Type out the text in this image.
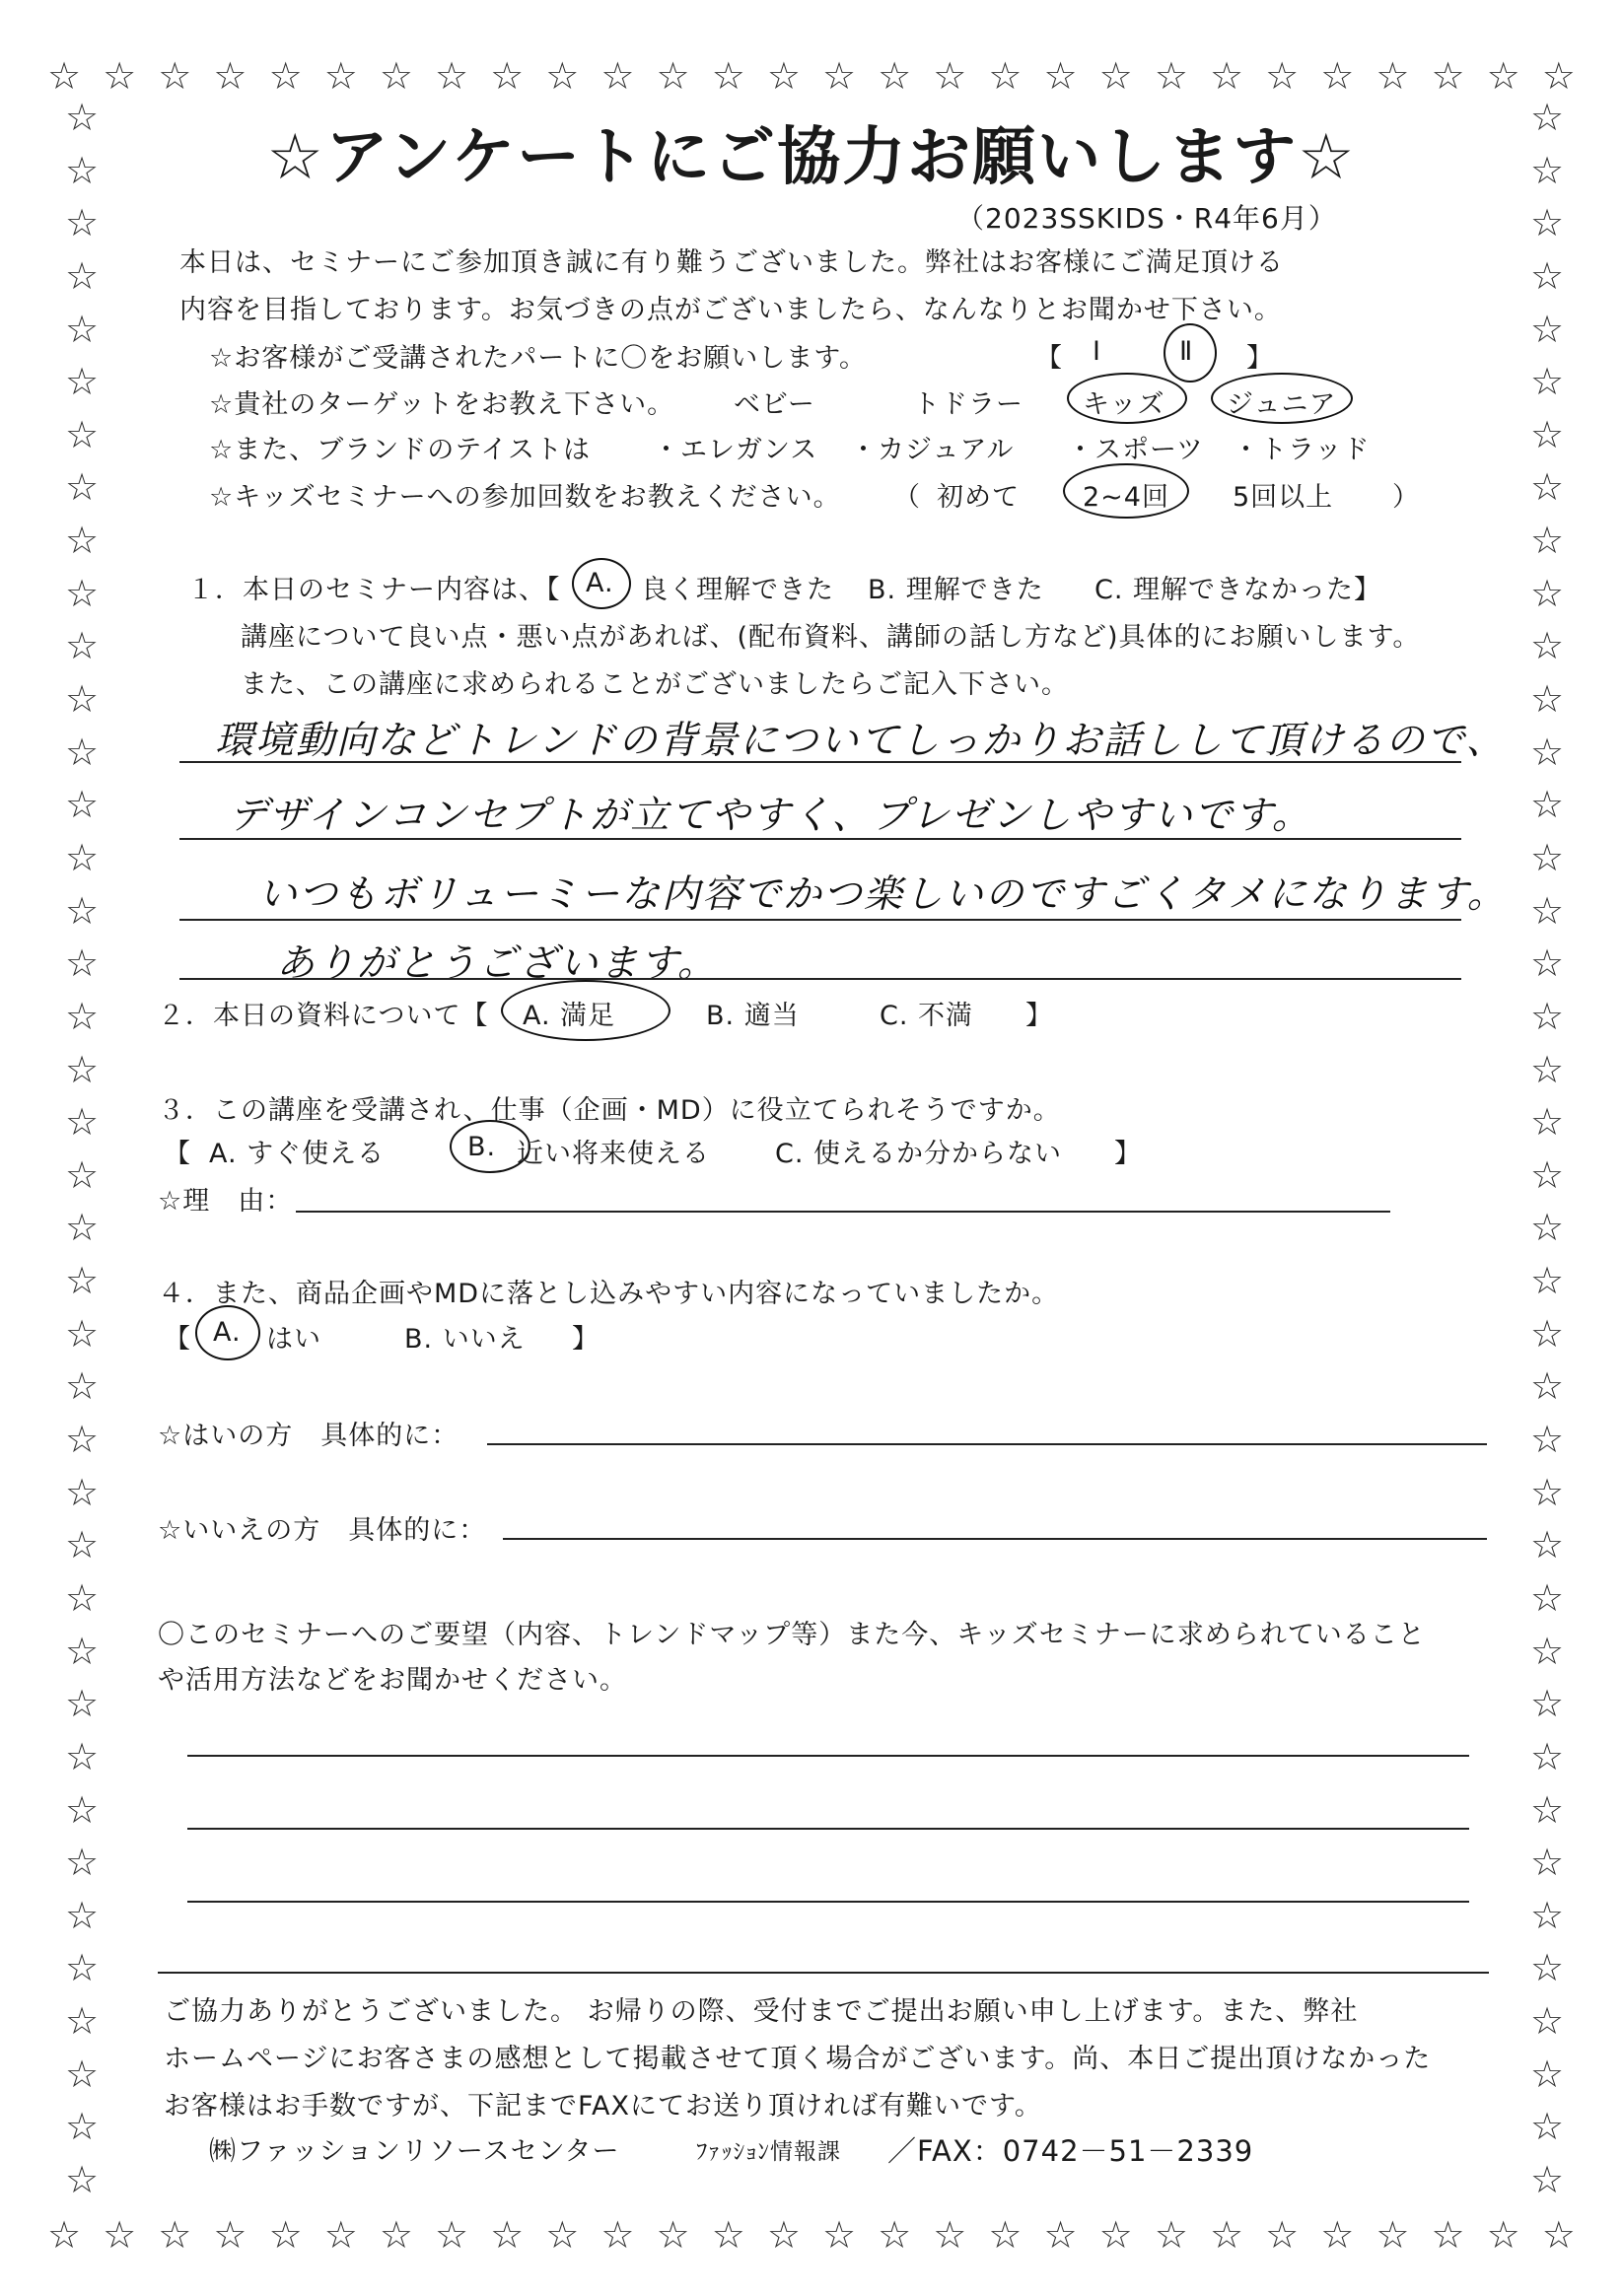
☆ ☆ ☆ ☆ ☆ ☆ ☆ ☆ ☆ ☆ ☆ ☆ ☆ ☆ ☆ ☆ ☆ ☆ ☆ ☆ ☆ ☆ ☆ ☆ ☆ ☆ ☆ ☆
☆ ☆ ☆ ☆ ☆ ☆ ☆ ☆ ☆ ☆ ☆ ☆ ☆ ☆ ☆ ☆ ☆ ☆ ☆ ☆ ☆ ☆ ☆ ☆ ☆ ☆ ☆ ☆
☆
☆
☆
☆
☆
☆
☆
☆
☆
☆
☆
☆
☆
☆
☆
☆
☆
☆
☆
☆
☆
☆
☆
☆
☆
☆
☆
☆
☆
☆
☆
☆
☆
☆
☆
☆
☆
☆
☆
☆
☆
☆
☆
☆
☆
☆
☆
☆
☆
☆
☆
☆
☆
☆
☆
☆
☆
☆
☆
☆
☆
☆
☆
☆
☆
☆
☆
☆
☆
☆
☆
☆
☆
☆
☆
☆
☆
☆
☆
☆
☆アンケートにご協力お願いします☆
（2023SSKIDS・R4年6月）
本日は、セミナーにご参加頂き誠に有り難うございました。弊社はお客様にご満足頂ける
内容を目指しております。お気づきの点がございましたら、なんなりとお聞かせ下さい。
☆お客様がご受講されたパートに〇をお願いします。	【 Ⅰ	Ⅱ 】
☆貴社のターゲットをお教え下さい。 ベビー	トドラー キッズ ジュニア
☆また、ブランドのテイストは ・エレガンス ・カジュアル ・スポーツ ・トラッド
☆キッズセミナーへの参加回数をお教えください。 （ 初めて 2~4回 5回以上 ）
１．本日のセミナー内容は、【 A. 良く理解できた B. 理解できた C. 理解できなかった】
講座について良い点・悪い点があれば、(配布資料、講師の話し方など)具体的にお願いします。
また、この講座に求められることがございましたらご記入下さい。
環境動向などトレンドの背景についてしっかりお話しして頂けるので、
デザインコンセプトが立てやすく、プレゼンしやすいです。
いつもボリューミーな内容でかつ楽しいのですごくタメになります。
ありがとうございます。
２．本日の資料について【 A. 満足	B. 適当	C. 不満 】
３．この講座を受講され、仕事（企画・MD）に役立てられそうですか。
【 A. すぐ使える	B. 近い将来使える C. 使えるか分からない 】
☆理　由：
４．また、商品企画やMDに落とし込みやすい内容になっていましたか。
【 A. はい	B. いいえ 】
☆はいの方　具体的に：
☆いいえの方　具体的に：
〇このセミナーへのご要望（内容、トレンドマップ等）また今、キッズセミナーに求められていること
や活用方法などをお聞かせください。
ご協力ありがとうございました。 お帰りの際、受付までご提出お願い申し上げます。また、弊社
ホームページにお客さまの感想として掲載させて頂く場合がございます。尚、本日ご提出頂けなかった
お客様はお手数ですが、下記までFAXにてお送り頂ければ有難いです。
㈱ファッションリソースセンター	ﾌｧｯｼｮﾝ情報課 ／FAX：0742－51－2339
